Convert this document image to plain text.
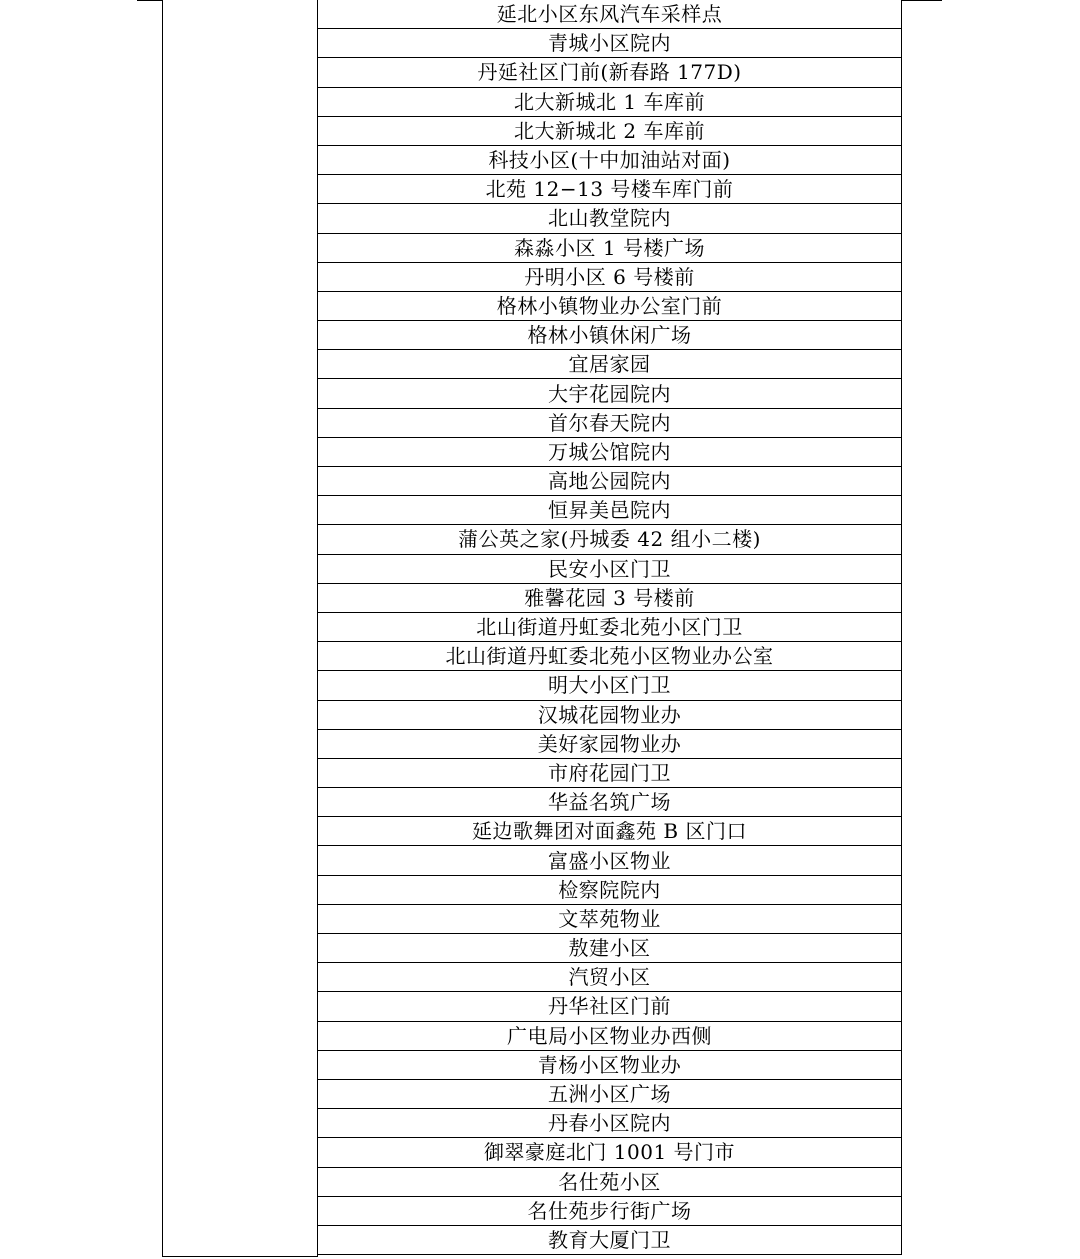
延北小区东风汽车采样点
青城小区院内
丹延社区门前(新春路 177D)
北大新城北 1 车库前
北大新城北 2 车库前
科技小区(十中加油站对面)
北苑 12−13 号楼车库门前
北山教堂院内
森淼小区 1 号楼广场
丹明小区 6 号楼前
格林小镇物业办公室门前
格林小镇休闲广场
宜居家园
大宇花园院内
首尔春天院内
万城公馆院内
高地公园院内
恒昇美邑院内
蒲公英之家(丹城委 42 组小二楼)
民安小区门卫
雅馨花园 3 号楼前
北山街道丹虹委北苑小区门卫
北山街道丹虹委北苑小区物业办公室
明大小区门卫
汉城花园物业办
美好家园物业办
市府花园门卫
华益名筑广场
延边歌舞团对面鑫苑 B 区门口
富盛小区物业
检察院院内
文萃苑物业
敖建小区
汽贸小区
丹华社区门前
广电局小区物业办西侧
青杨小区物业办
五洲小区广场
丹春小区院内
御翠豪庭北门 1001 号门市
名仕苑小区
名仕苑步行街广场
教育大厦门卫
